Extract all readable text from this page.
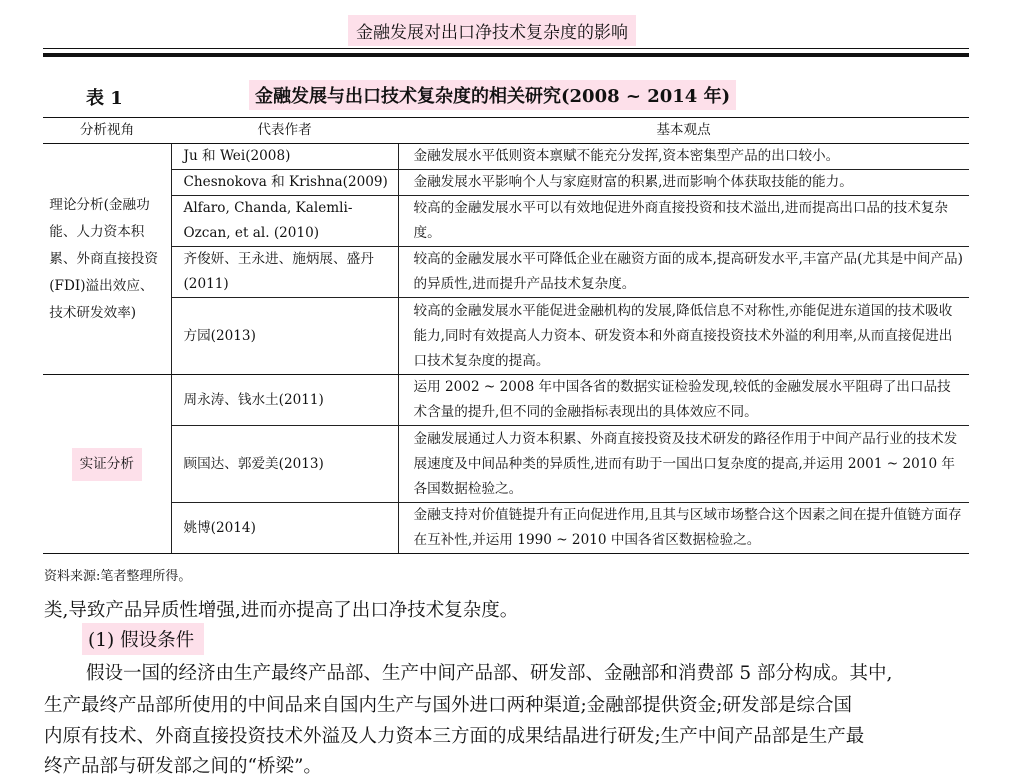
金融发展对出口净技术复杂度的影响
表 1	金融发展与出口技术复杂度的相关研究(2008 ~ 2014 年)
分析视角	代表作者	基本观点
理论分析(金融功能、人力资本积累、外商直接投资(FDI)溢出效应、技术研发效率)	Ju 和 Wei(2008)	金融发展水平低则资本禀赋不能充分发挥,资本密集型产品的出口较小。
	Chesnokova 和 Krishna(2009)	金融发展水平影响个人与家庭财富的积累,进而影响个体获取技能的能力。
	Alfaro, Chanda, Kalemli-Ozcan, et al. (2010)	较高的金融发展水平可以有效地促进外商直接投资和技术溢出,进而提高出口品的技术复杂度。
	齐俊妍、王永进、施炳展、盛丹(2011)	较高的金融发展水平可降低企业在融资方面的成本,提高研发水平,丰富产品(尤其是中间产品)的异质性,进而提升产品技术复杂度。
	方园(2013)	较高的金融发展水平能促进金融机构的发展,降低信息不对称性,亦能促进东道国的技术吸收能力,同时有效提高人力资本、研发资本和外商直接投资技术外溢的利用率,从而直接促进出口技术复杂度的提高。
实证分析	周永涛、钱水土(2011)	运用 2002 ~ 2008 年中国各省的数据实证检验发现,较低的金融发展水平阻碍了出口品技术含量的提升,但不同的金融指标表现出的具体效应不同。
	顾国达、郭爱美(2013)	金融发展通过人力资本积累、外商直接投资及技术研发的路径作用于中间产品行业的技术发展速度及中间品种类的异质性,进而有助于一国出口复杂度的提高,并运用 2001 ~ 2010 年各国数据检验之。
	姚博(2014)	金融支持对价值链提升有正向促进作用,且其与区域市场整合这个因素之间在提升值链方面存在互补性,并运用 1990 ~ 2010 中国各省区数据检验之。
资料来源:笔者整理所得。
类,导致产品异质性增强,进而亦提高了出口净技术复杂度。
(1) 假设条件
假设一国的经济由生产最终产品部、生产中间产品部、研发部、金融部和消费部 5 部分构成。其中,
生产最终产品部所使用的中间品来自国内生产与国外进口两种渠道;金融部提供资金;研发部是综合国
内原有技术、外商直接投资技术外溢及人力资本三方面的成果结晶进行研发;生产中间产品部是生产最
终产品部与研发部之间的“桥梁”。
